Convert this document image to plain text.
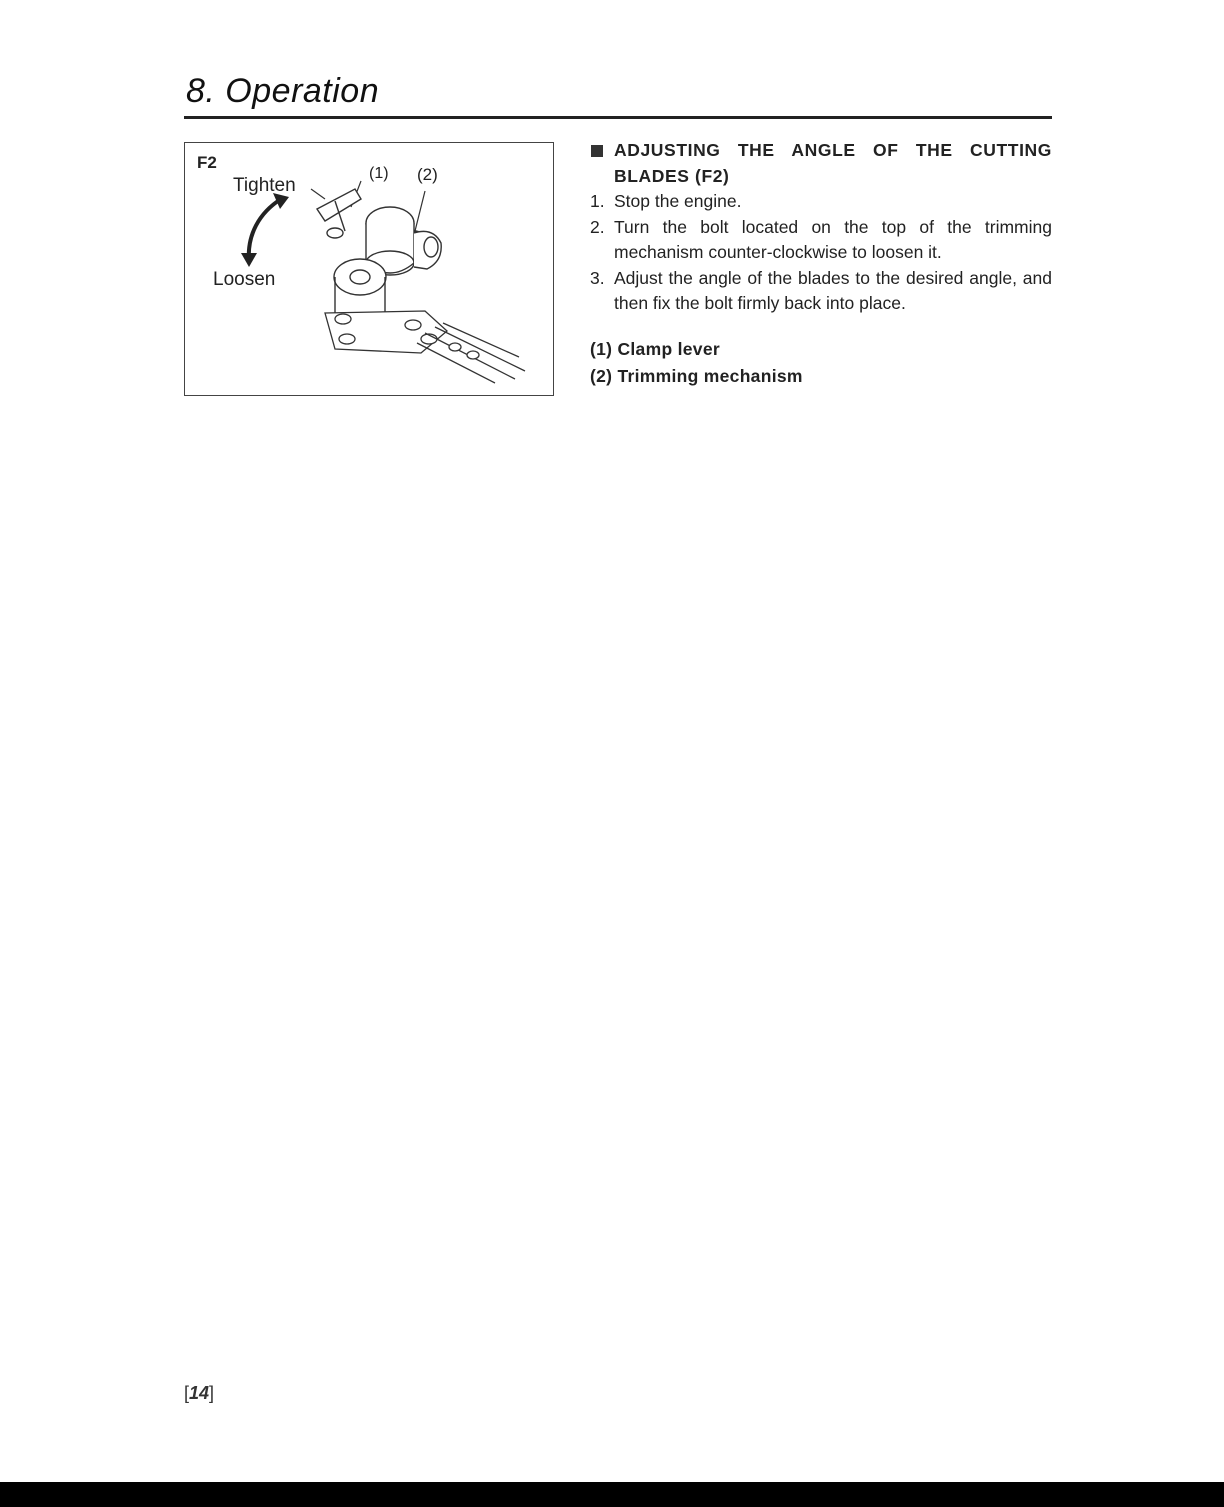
8. Operation
F2
Tighten
Loosen
(1) (2)
ADJUSTING THE ANGLE OF THE CUTTING BLADES (F2)
1. Stop the engine.
2. Turn the bolt located on the top of the trimming mechanism counter-clockwise to loosen it.
3. Adjust the angle of the blades to the desired angle, and then fix the bolt firmly back into place.
(1) Clamp lever
(2) Trimming mechanism
[14]
